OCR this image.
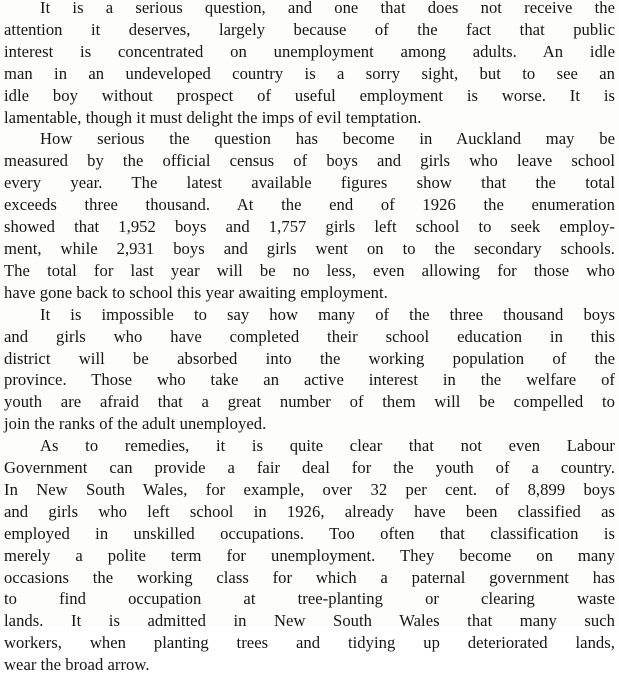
It is a serious question, and one that does not receive the
attention it deserves, largely because of the fact that public
interest is concentrated on unemployment among adults. An idle
man in an undeveloped country is a sorry sight, but to see an
idle boy without prospect of useful employment is worse. It is
lamentable, though it must delight the imps of evil temptation.

How serious the question has become in Auckland may be
measured by the official census of boys and girls who leave school
every year. The latest available figures show that the total
exceeds three thousand. At the end of 1926 the enumeration
showed that 1,952 boys and 1,757 girls left school to seek employ-
ment, while 2,931 boys and girls went on to the secondary schools.
The total for last year will be no less, even allowing for those who
have gone back to school this year awaiting employment.

It is impossible to say how many of the three thousand boys
and girls who have completed their school education in this
district will be absorbed into the working population of the
province. Those who take an active interest in the welfare of
youth are afraid that a great number of them will be compelled to
join the ranks of the adult unemployed.

As to remedies, it is quite clear that not even Labour
Government can provide a fair deal for the youth of a country.
In New South Wales, for example, over 32 per cent. of 8,899 boys
and girls who left school in 1926, already have been classified as
employed in unskilled occupations. Too often that classification is
merely a polite term for unemployment. They become on many
occasions the working class for which a paternal government has
to find occupation at tree-planting or clearing waste
lands. It is admitted in New South Wales that many such
workers, when planting trees and tidying up deteriorated lands,
wear the broad arrow.
